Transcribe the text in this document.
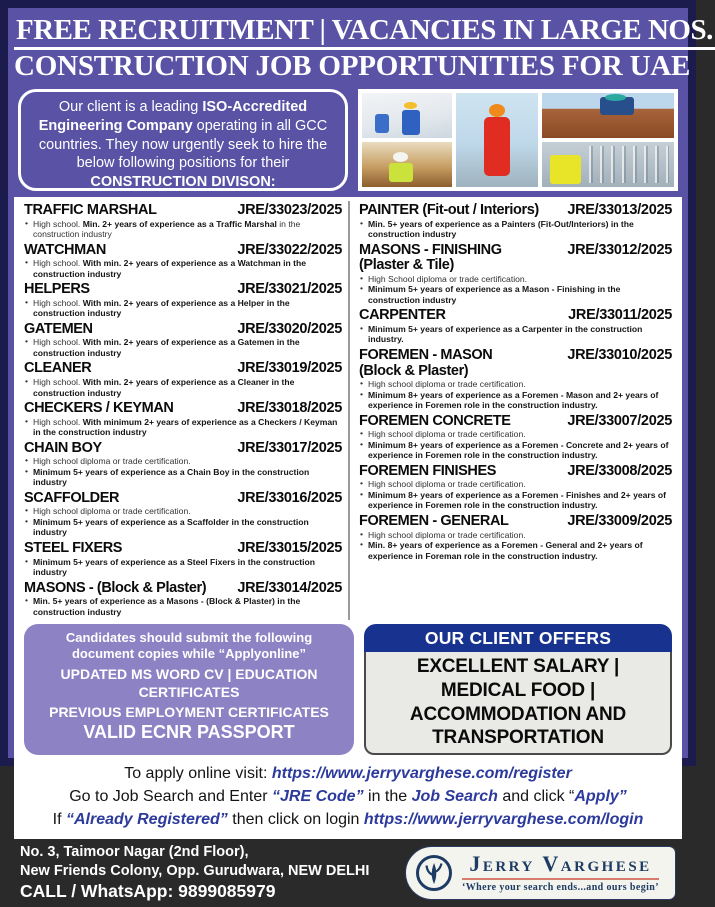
FREE RECRUITMENT | VACANCIES IN LARGE NOS.
CONSTRUCTION JOB OPPORTUNITIES FOR UAE
Our client is a leading ISO-Accredited Engineering Company operating in all GCC countries. They now urgently seek to hire the below following positions for their CONSTRUCTION DIVISON:
TRAFFIC MARSHAL	JRE/33023/2025
• High school. Min. 2+ years of experience as a Traffic Marshal in the construction industry
WATCHMAN	JRE/33022/2025
• High school. With min. 2+ years of experience as a Watchman in the construction industry
HELPERS	JRE/33021/2025
• High school. With min. 2+ years of experience as a Helper in the construction industry
GATEMEN	JRE/33020/2025
• High school. With min. 2+ years of experience as a Gatemen in the construction industry
CLEANER	JRE/33019/2025
• High school. With min. 2+ years of experience as a Cleaner in the construction industry
CHECKERS / KEYMAN	JRE/33018/2025
• High school. With minimum 2+ years of experience as a Checkers / Keyman in the construction industry
CHAIN BOY	JRE/33017/2025
• High school diploma or trade certification.
• Minimum 5+ years of experience as a Chain Boy in the construction industry
SCAFFOLDER	JRE/33016/2025
• High school diploma or trade certification.
• Minimum 5+ years of experience as a Scaffolder in the construction industry
STEEL FIXERS	JRE/33015/2025
• Minimum 5+ years of experience as a Steel Fixers in the construction industry
MASONS - (Block & Plaster) JRE/33014/2025
• Min. 5+ years of experience as a Masons - (Block & Plaster) in the construction industry
PAINTER (Fit-out / Interiors) JRE/33013/2025
• Min. 5+ years of experience as a Painters (Fit-Out/Interiors) in the construction industry
MASONS - FINISHING	JRE/33012/2025
(Plaster & Tile)
• High School diploma or trade certification.
• Minimum 5+ years of experience as a Mason - Finishing in the construction industry
CARPENTER	JRE/33011/2025
• Minimum 5+ years of experience as a Carpenter in the construction industry.
FOREMEN - MASON	JRE/33010/2025
(Block & Plaster)
• High school diploma or trade certification.
• Minimum 8+ years of experience as a Foremen - Mason and 2+ years of experience in Foremen role in the construction industry.
FOREMEN CONCRETE	JRE/33007/2025
• High school diploma or trade certification.
• Minimum 8+ years of experience as a Foremen - Concrete and 2+ years of experience in Foremen role in the construction industry.
FOREMEN FINISHES	JRE/33008/2025
• High school diploma or trade certification.
• Minimum 8+ years of experience as a Foremen - Finishes and 2+ years of experience in Foremen role in the construction industry.
FOREMEN - GENERAL	JRE/33009/2025
• High school diploma or trade certification.
• Min. 8+ years of experience as a Foremen - General and 2+ years of experience in Foreman role in the construction industry.
Candidates should submit the following document copies while “Applyonline”
UPDATED MS WORD CV | EDUCATION CERTIFICATES
PREVIOUS EMPLOYMENT CERTIFICATES
VALID ECNR PASSPORT
OUR CLIENT OFFERS
EXCELLENT SALARY | MEDICAL FOOD | ACCOMMODATION AND TRANSPORTATION
To apply online visit: https://www.jerryvarghese.com/register
Go to Job Search and Enter “JRE Code” in the Job Search and click “Apply”
If “Already Registered” then click on login https://www.jerryvarghese.com/login
No. 3, Taimoor Nagar (2nd Floor),
New Friends Colony, Opp. Gurudwara, NEW DELHI
CALL / WhatsApp: 9899085979
Jerry Varghese
‘Where your search ends...and ours begin’
